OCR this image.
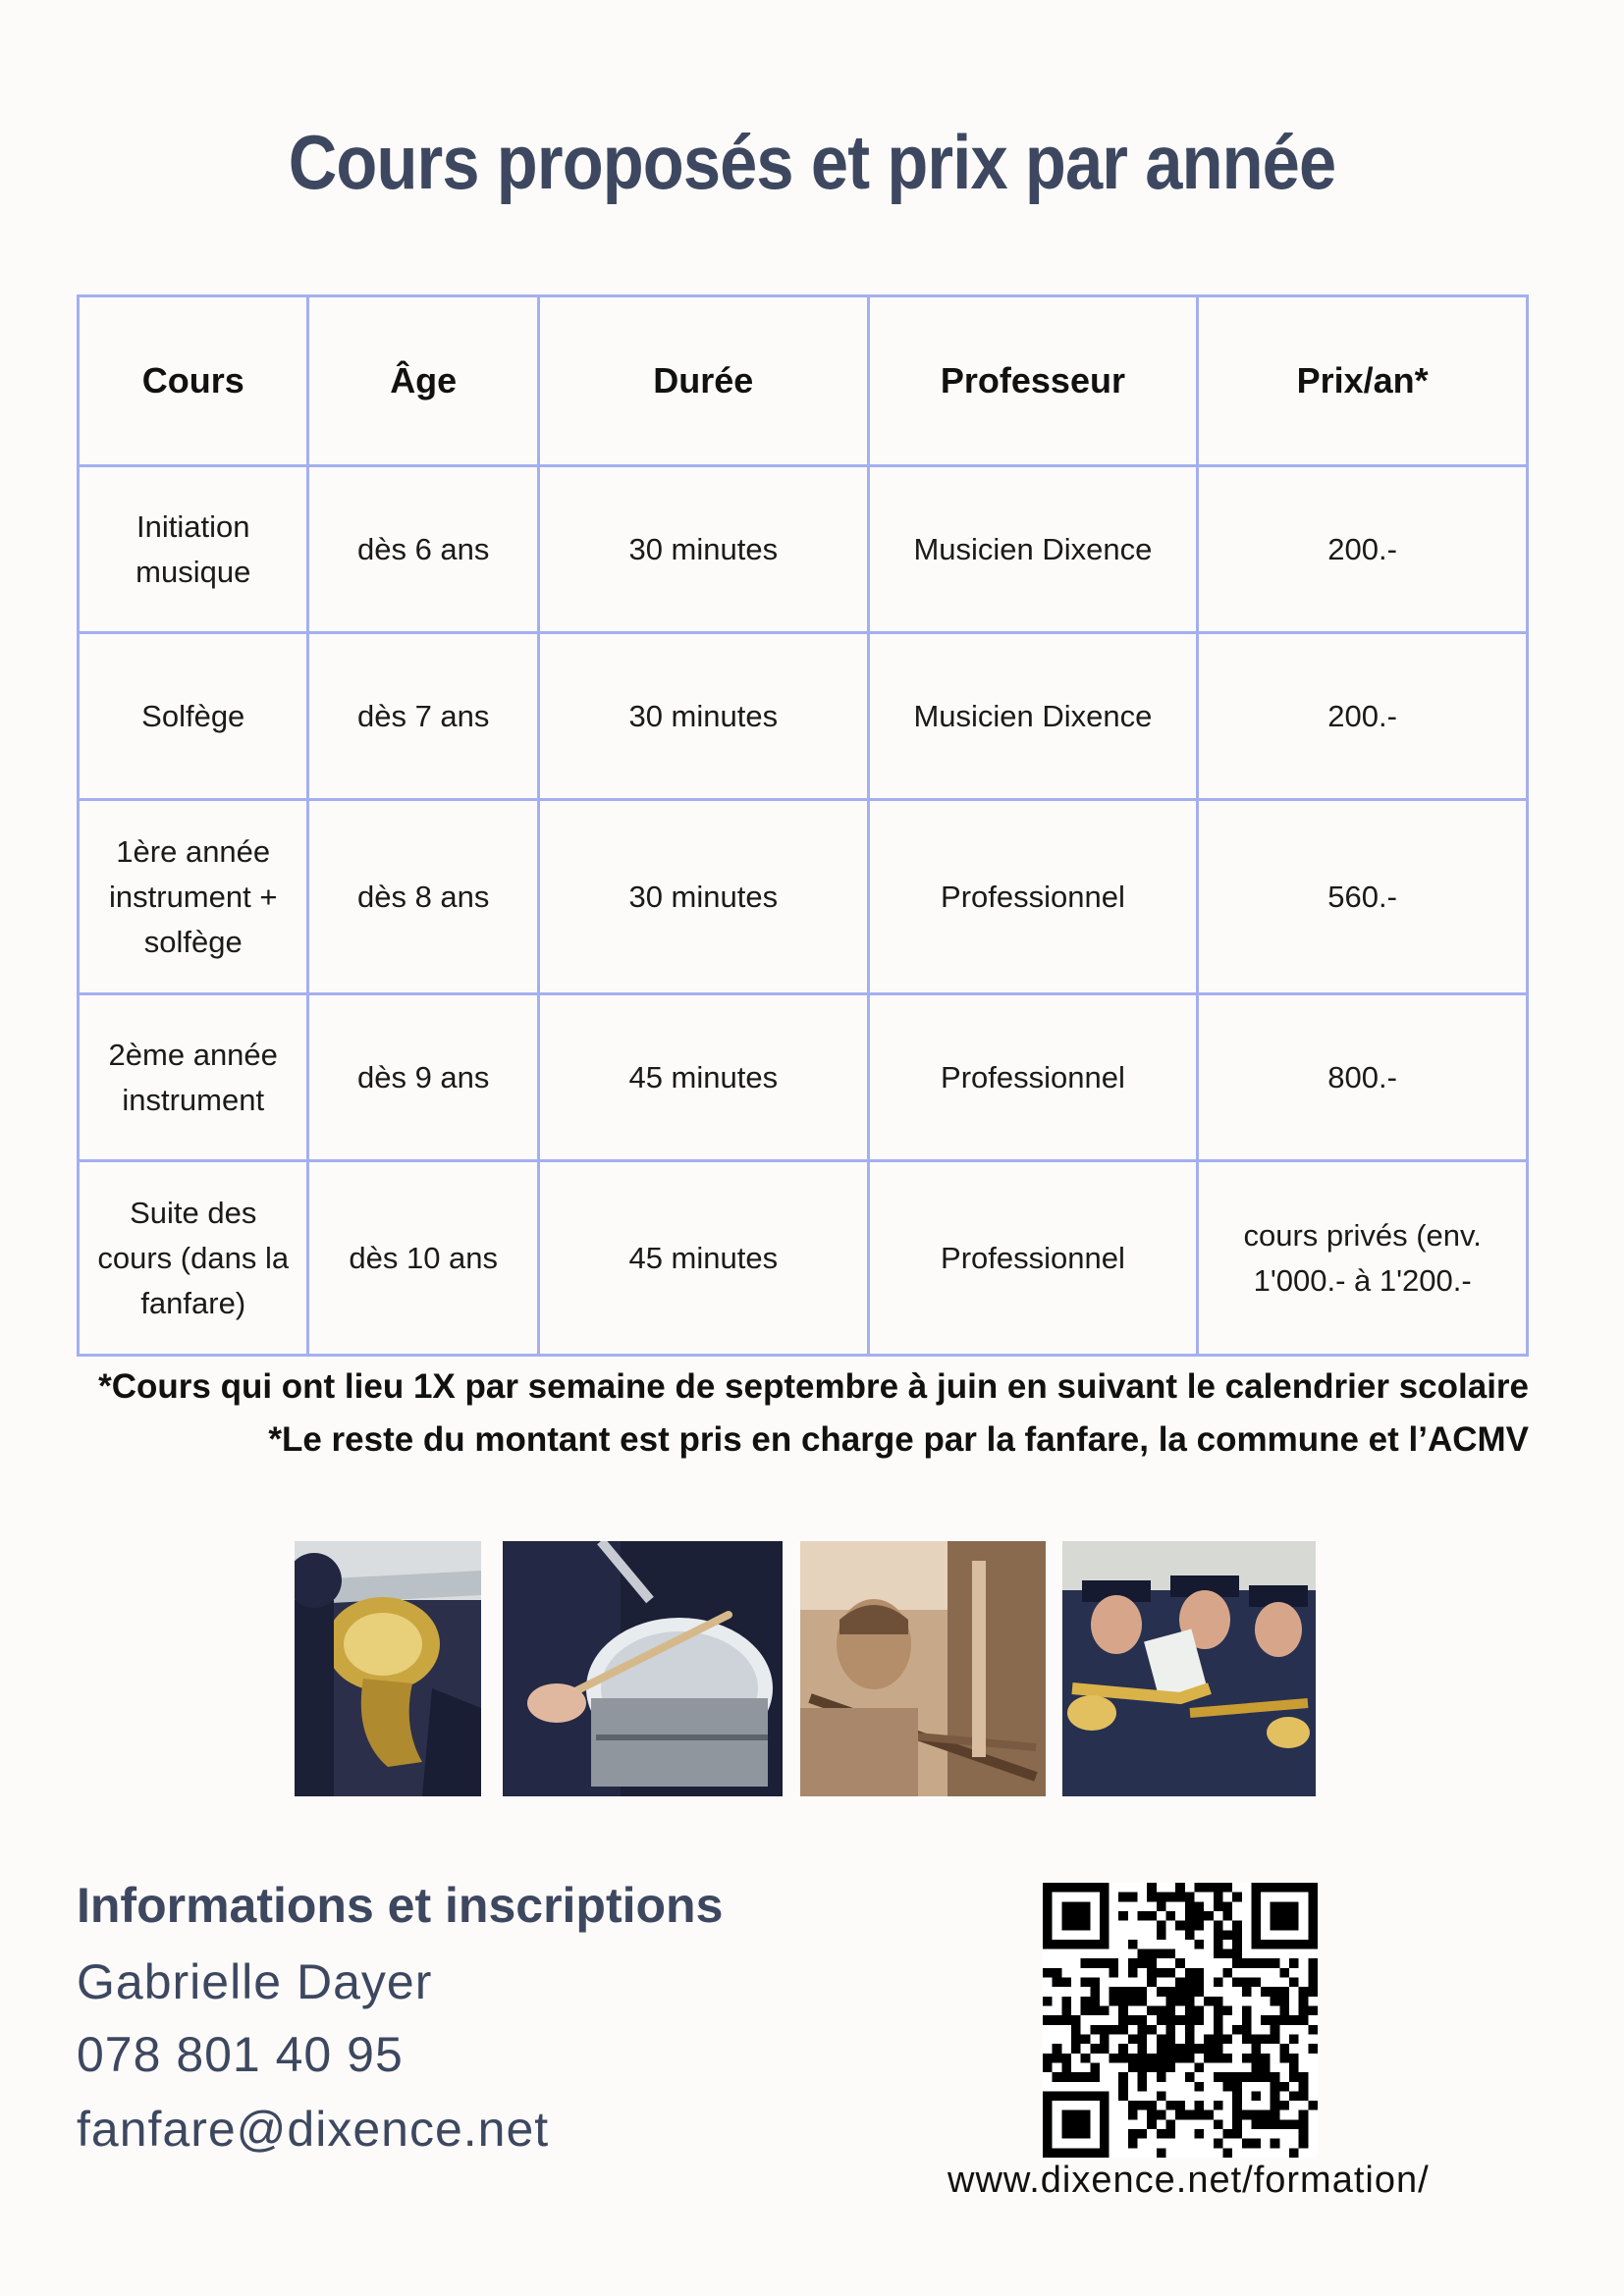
Cours proposés et prix par année
Cours	Âge	Durée	Professeur	Prix/an*
Initiation musique	dès 6 ans	30 minutes	Musicien Dixence	200.-
Solfège	dès 7 ans	30 minutes	Musicien Dixence	200.-
1ère année instrument + solfège	dès 8 ans	30 minutes	Professionnel	560.-
2ème année instrument	dès 9 ans	45 minutes	Professionnel	800.-
Suite des cours (dans la fanfare)	dès 10 ans	45 minutes	Professionnel	cours privés (env. 1'000.- à 1'200.-
*Cours qui ont lieu 1X par semaine de septembre à juin en suivant le calendrier scolaire
*Le reste du montant est pris en charge par la fanfare, la commune et l’ACMV
Informations et inscriptions
Gabrielle Dayer
078 801 40 95
fanfare@dixence.net
www.dixence.net/formation/
